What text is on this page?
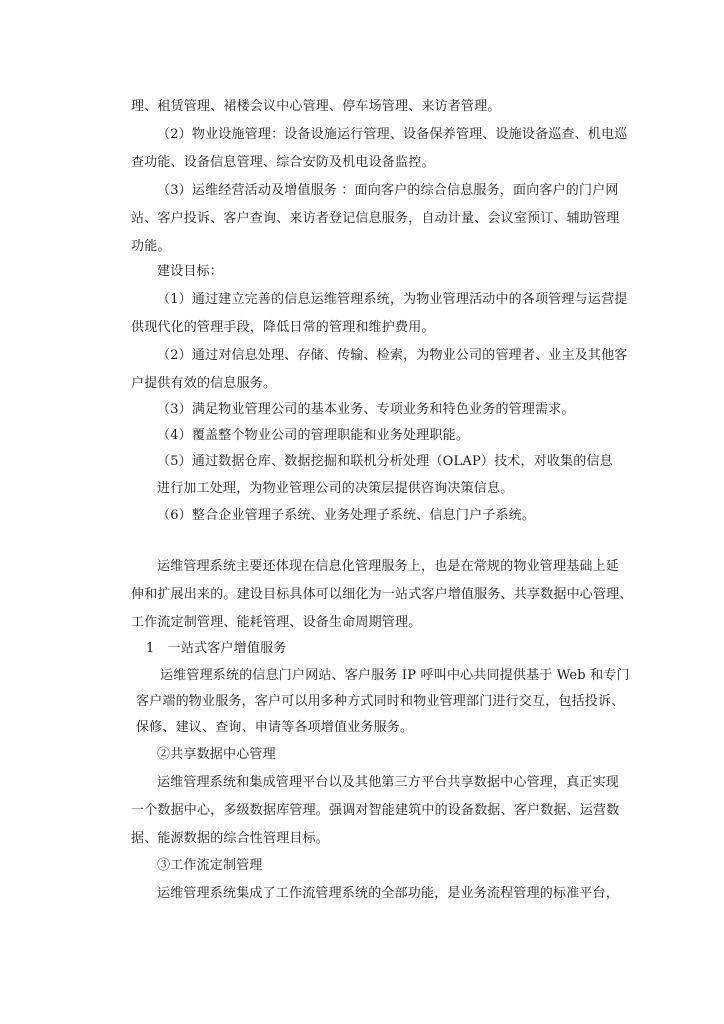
理、租赁管理、裙楼会议中心管理、停车场管理、来访者管理。
（2）物业设施管理：设备设施运行管理、设备保养管理、设施设备巡查、机电巡
查功能、设备信息管理、综合安防及机电设备监控。
（3）运维经营活动及增值服务 ：面向客户的综合信息服务，面向客户的门户网
站、客户投诉、客户查询、来访者登记信息服务，自动计量、会议室预订、辅助管理
功能。
建设目标：
（1）通过建立完善的信息运维管理系统，为物业管理活动中的各项管理与运营提
供现代化的管理手段，降低日常的管理和维护费用。
（2）通过对信息处理、存储、传输、检索，为物业公司的管理者、业主及其他客
户提供有效的信息服务。
（3）满足物业管理公司的基本业务、专项业务和特色业务的管理需求。
（4）覆盖整个物业公司的管理职能和业务处理职能。
（5）通过数据仓库、数据挖掘和联机分析处理（OLAP）技术，对收集的信息
进行加工处理，为物业管理公司的决策层提供咨询决策信息。
（6）整合企业管理子系统、业务处理子系统、信息门户子系统。
运维管理系统主要还体现在信息化管理服务上，也是在常规的物业管理基础上延
伸和扩展出来的。建设目标具体可以细化为一站式客户增值服务、共享数据中心管理、
工作流定制管理、能耗管理、设备生命周期管理。
1　一站式客户增值服务
运维管理系统的信息门户网站、客户服务 IP 呼叫中心共同提供基于 Web 和专门
客户端的物业服务，客户可以用多种方式同时和物业管理部门进行交互，包括投诉、
保修、建议、查询、申请等各项增值业务服务。
②共享数据中心管理
运维管理系统和集成管理平台以及其他第三方平台共享数据中心管理，真正实现
一个数据中心，多级数据库管理。强调对智能建筑中的设备数据、客户数据、运营数
据、能源数据的综合性管理目标。
③工作流定制管理
运维管理系统集成了工作流管理系统的全部功能，是业务流程管理的标准平台，
